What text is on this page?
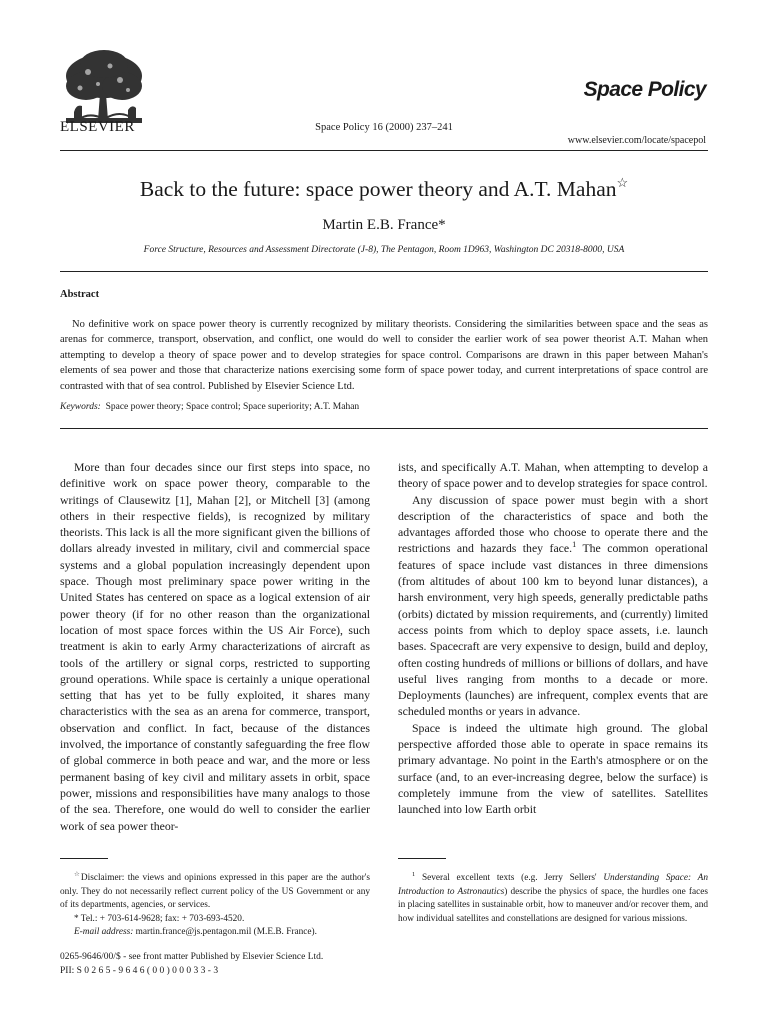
ELSEVIER	Space Policy 16 (2000) 237–241
Space Policy
www.elsevier.com/locate/spacepol
Back to the future: space power theory and A.T. Mahan☆
Martin E.B. France*
Force Structure, Resources and Assessment Directorate (J-8), The Pentagon, Room 1D963, Washington DC 20318-8000, USA
Abstract

No definitive work on space power theory is currently recognized by military theorists. Considering the similarities between space and the seas as arenas for commerce, transport, observation, and conflict, one would do well to consider the earlier work of sea power theorist A.T. Mahan when attempting to develop a theory of space power and to develop strategies for space control. Comparisons are drawn in this paper between Mahan's elements of sea power and those that characterize nations exercising some form of space power today, and current interpretations of space control are contrasted with that of sea control. Published by Elsevier Science Ltd.

Keywords: Space power theory; Space control; Space superiority; A.T. Mahan

More than four decades since our first steps into space, no definitive work on space power theory, comparable to the writings of Clausewitz [1], Mahan [2], or Mitchell [3] (among others in their respective fields), is recognized by military theorists. This lack is all the more significant given the billions of dollars already invested in military, civil and commercial space systems and a global population increasingly dependent upon space. Though most preliminary space power writing in the United States has centered on space as a logical extension of air power theory (if for no other reason than the organizational location of most space forces within the US Air Force), such treatment is akin to early Army characterizations of aircraft as tools of the artillery or signal corps, restricted to supporting ground operations. While space is certainly a unique operational setting that has yet to be fully exploited, it shares many characteristics with the sea as an arena for commerce, transport, observation and conflict. In fact, because of the distances involved, the importance of constantly safeguarding the free flow of global commerce in both peace and war, and the more or less permanent basing of key civil and military assets in orbit, space power, missions and responsibilities have many analogs to those of the sea. Therefore, one would do well to consider the earlier work of sea power theor-

ists, and specifically A.T. Mahan, when attempting to develop a theory of space power and to develop strategies for space control.

Any discussion of space power must begin with a short description of the characteristics of space and both the advantages afforded those who choose to operate there and the restrictions and hazards they face.$^1$ The common operational features of space include vast distances in three dimensions (from altitudes of about 100 km to beyond lunar distances), a harsh environment, very high speeds, generally predictable paths (orbits) dictated by mission requirements, and (currently) limited access points from which to deploy space assets, i.e. launch bases. Spacecraft are very expensive to design, build and deploy, often costing hundreds of millions or billions of dollars, and have useful lives ranging from months to a decade or more. Deployments (launches) are infrequent, complex events that are scheduled months or years in advance.

Space is indeed the ultimate high ground. The global perspective afforded those able to operate in space remains its primary advantage. No point in the Earth's atmosphere or on the surface (and, to an ever-increasing degree, below the surface) is completely immune from the view of satellites. Satellites launched into low Earth orbit

☆Disclaimer: the views and opinions expressed in this paper are the author's only. They do not necessarily reflect current policy of the US Government or any of its departments, agencies, or services.

* Tel.: + 703-614-9628; fax: + 703-693-4520.

E-mail address: martin.france@js.pentagon.mil (M.E.B. France).

$^1$ Several excellent texts (e.g. Jerry Sellers' Understanding Space: An Introduction to Astronautics) describe the physics of space, the hurdles one faces in placing satellites in sustainable orbit, how to maneuver and/or recover them, and how individual satellites and constellations are designed for various missions.

0265-9646/00/$ - see front matter Published by Elsevier Science Ltd.
PII: S 0 2 6 5 - 9 6 4 6 ( 0 0 ) 0 0 0 3 3 - 3
